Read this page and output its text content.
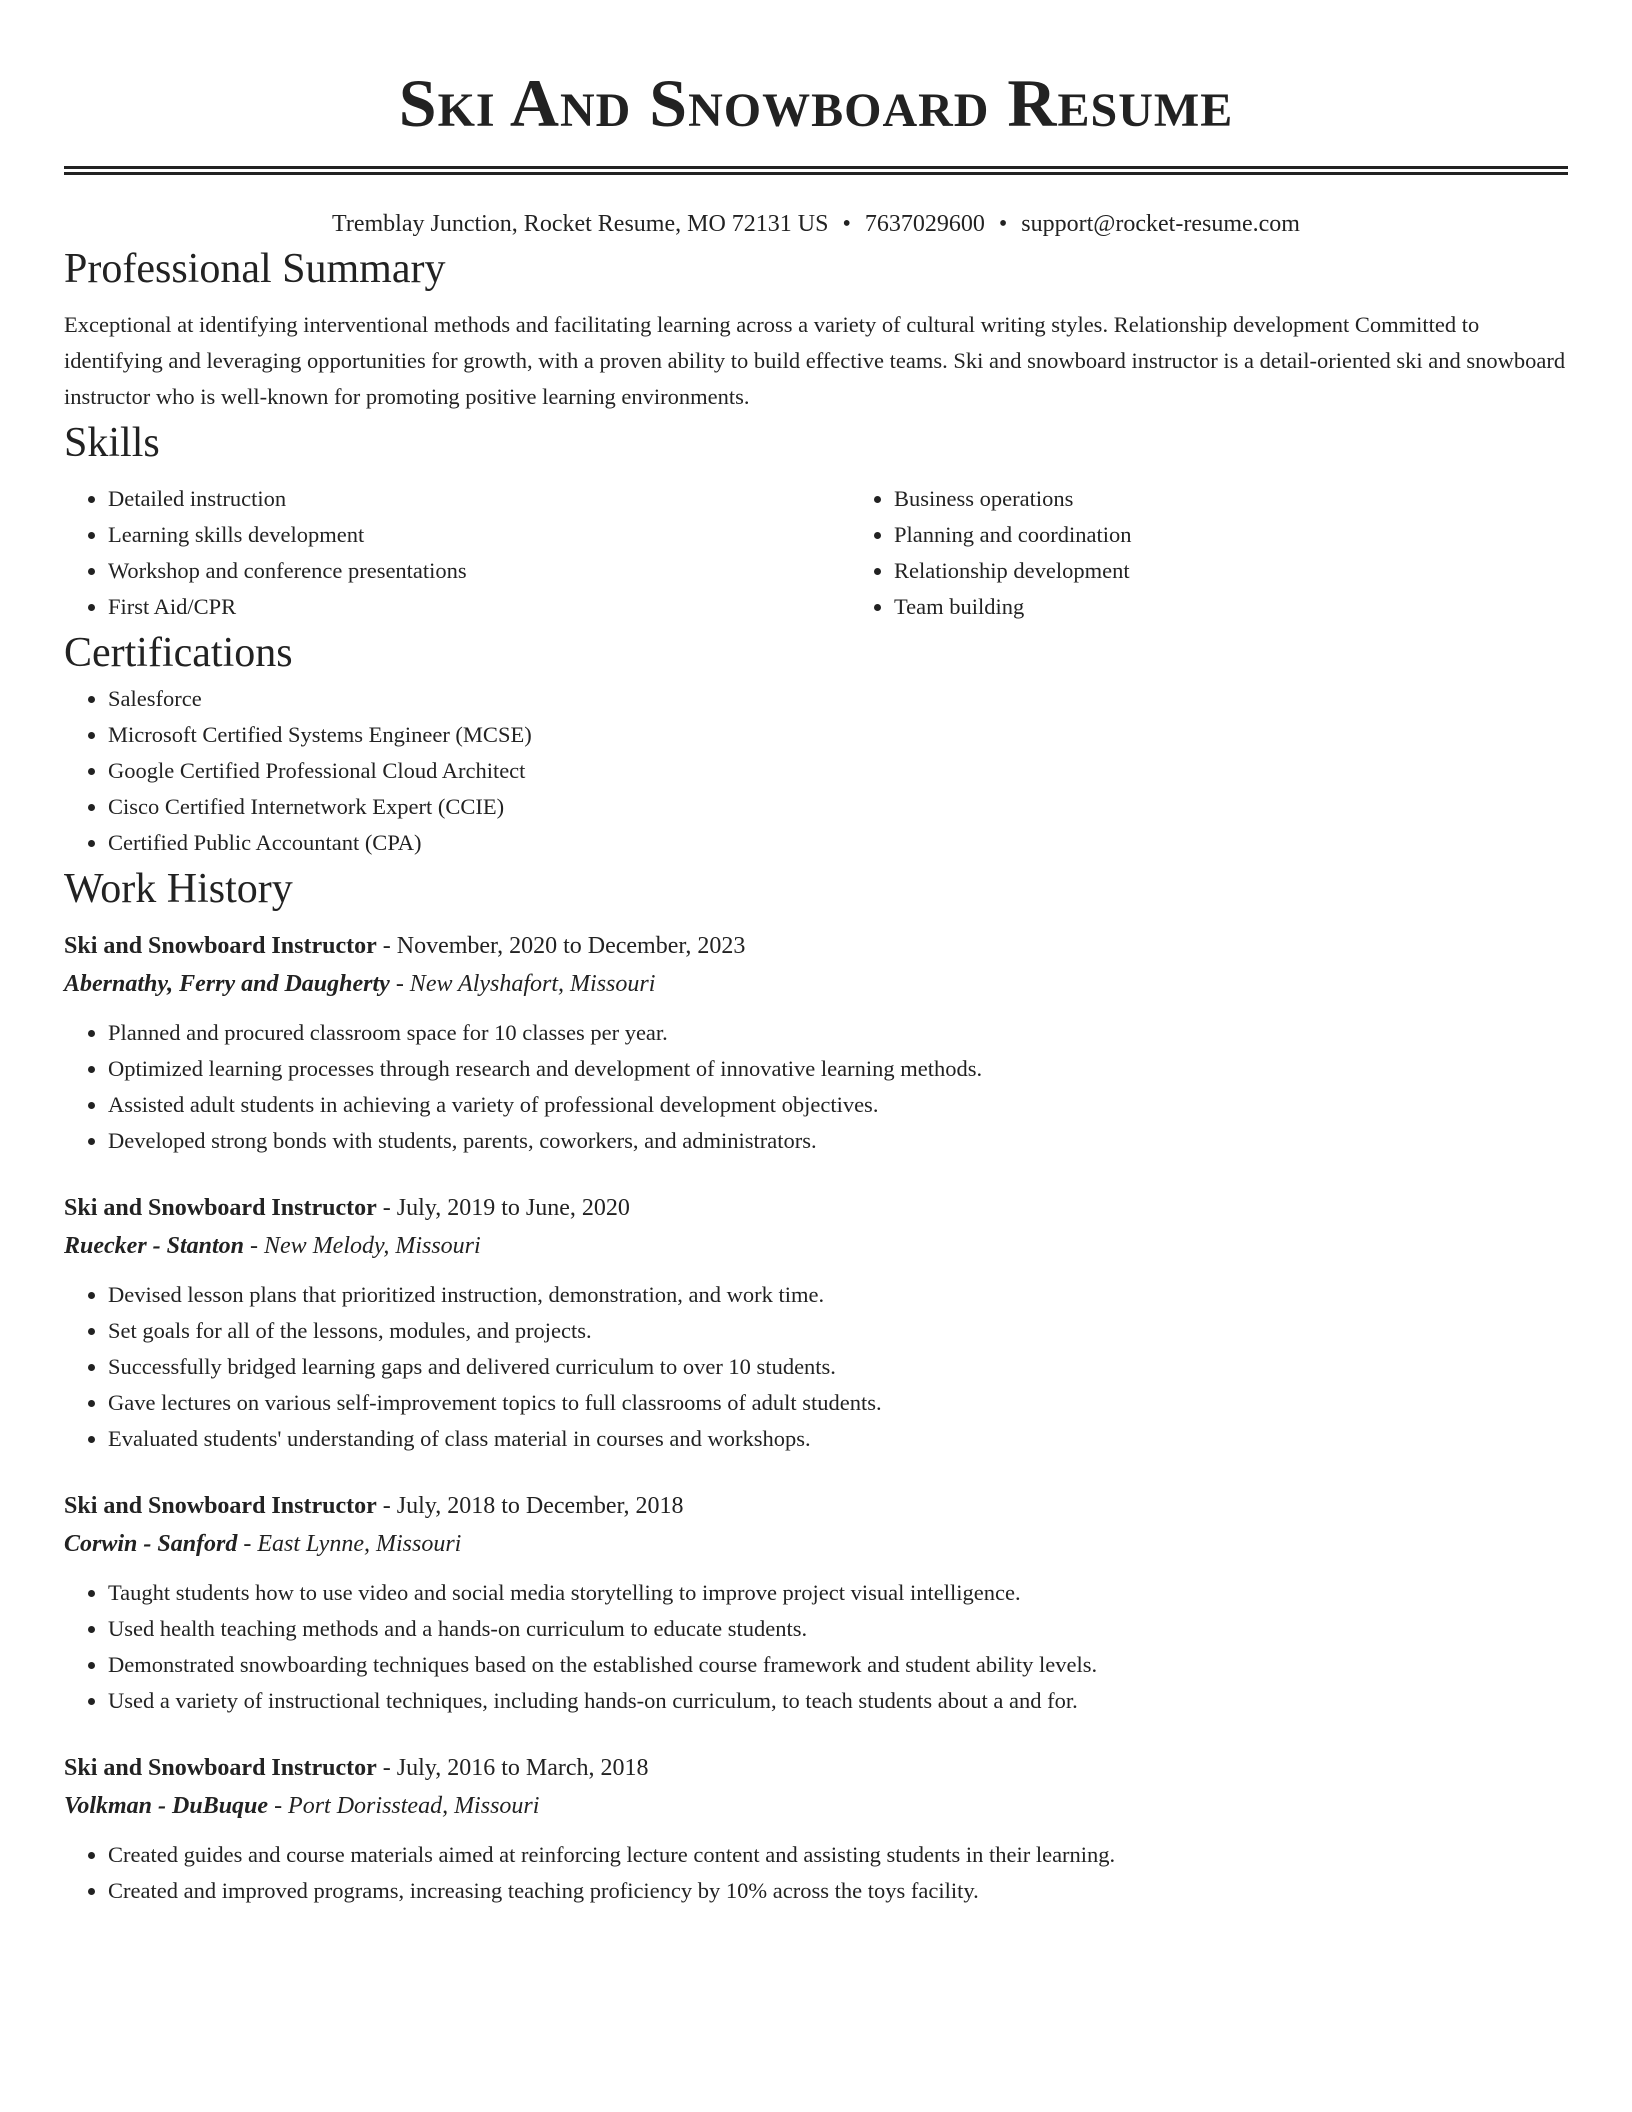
Ski And Snowboard Resume
Tremblay Junction, Rocket Resume, MO 72131 US • 7637029600 • support@rocket-resume.com
Professional Summary

Exceptional at identifying interventional methods and facilitating learning across a variety of cultural writing styles. Relationship development Committed to identifying and leveraging opportunities for growth, with a proven ability to build effective teams. Ski and snowboard instructor is a detail-oriented ski and snowboard instructor who is well-known for promoting positive learning environments.

Skills
• Detailed instruction
• Learning skills development
• Workshop and conference presentations
• First Aid/CPR
• Business operations
• Planning and coordination
• Relationship development
• Team building
Certifications
• Salesforce
• Microsoft Certified Systems Engineer (MCSE)
• Google Certified Professional Cloud Architect
• Cisco Certified Internetwork Expert (CCIE)
• Certified Public Accountant (CPA)
Work History
Ski and Snowboard Instructor - November, 2020 to December, 2023
Abernathy, Ferry and Daugherty - New Alyshafort, Missouri
• Planned and procured classroom space for 10 classes per year.
• Optimized learning processes through research and development of innovative learning methods.
• Assisted adult students in achieving a variety of professional development objectives.
• Developed strong bonds with students, parents, coworkers, and administrators.
Ski and Snowboard Instructor - July, 2019 to June, 2020
Ruecker - Stanton - New Melody, Missouri
• Devised lesson plans that prioritized instruction, demonstration, and work time.
• Set goals for all of the lessons, modules, and projects.
• Successfully bridged learning gaps and delivered curriculum to over 10 students.
• Gave lectures on various self-improvement topics to full classrooms of adult students.
• Evaluated students' understanding of class material in courses and workshops.
Ski and Snowboard Instructor - July, 2018 to December, 2018
Corwin - Sanford - East Lynne, Missouri
• Taught students how to use video and social media storytelling to improve project visual intelligence.
• Used health teaching methods and a hands-on curriculum to educate students.
• Demonstrated snowboarding techniques based on the established course framework and student ability levels.
• Used a variety of instructional techniques, including hands-on curriculum, to teach students about a and for.
Ski and Snowboard Instructor - July, 2016 to March, 2018
Volkman - DuBuque - Port Dorisstead, Missouri
• Created guides and course materials aimed at reinforcing lecture content and assisting students in their learning.
• Created and improved programs, increasing teaching proficiency by 10% across the toys facility.
